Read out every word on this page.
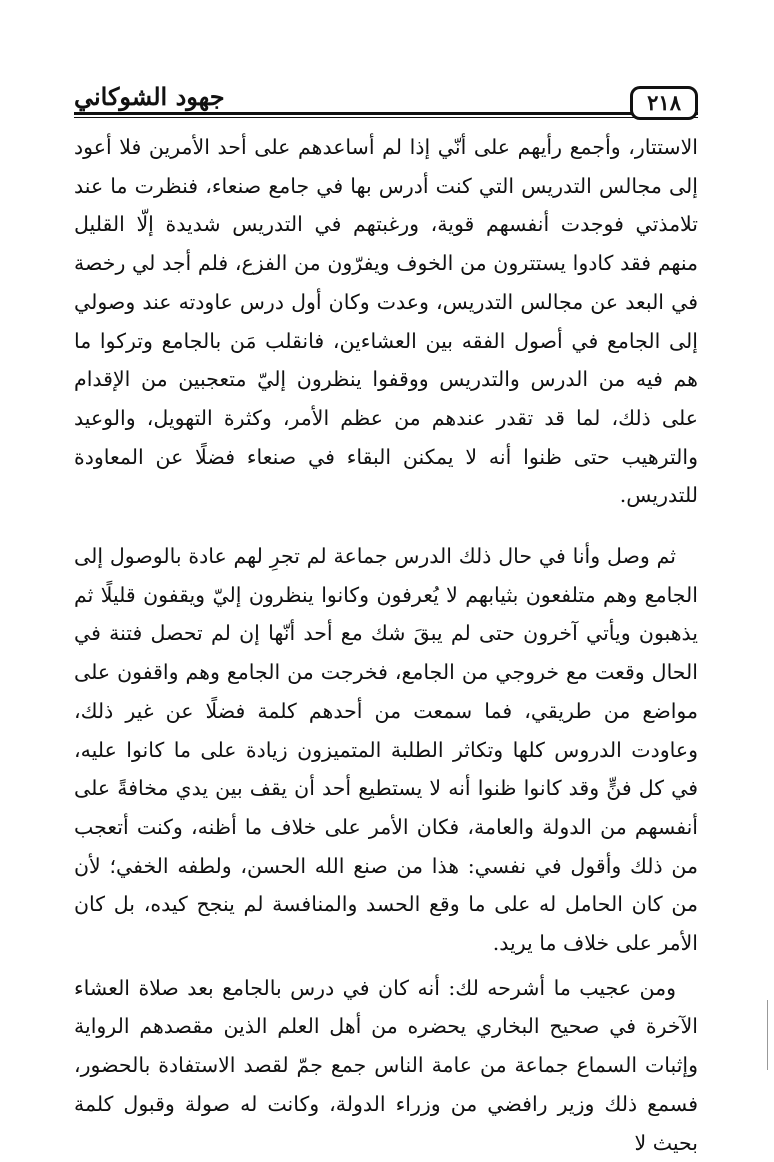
٢١٨
جهود الشوكاني

الاستتار، وأجمع رأيهم على أنّي إذا لم أساعدهم على أحد الأمرين فلا أعود إلى مجالس التدريس التي كنت أدرس بها في جامع صنعاء، فنظرت ما عند تلامذتي فوجدت أنفسهم قوية، ورغبتهم في التدريس شديدة إلّا القليل منهم فقد كادوا يستترون من الخوف ويفرّون من الفزع، فلم أجد لي رخصة في البعد عن مجالس التدريس، وعدت وكان أول درس عاودته عند وصولي إلى الجامع في أصول الفقه بين العشاءين، فانقلب مَن بالجامع وتركوا ما هم فيه من الدرس والتدريس ووقفوا ينظرون إليّ متعجبين من الإقدام على ذلك، لما قد تقدر عندهم من عظم الأمر، وكثرة التهويل، والوعيد والترهيب حتى ظنوا أنه لا يمكنن البقاء في صنعاء فضلًا عن المعاودة للتدريس.

ثم وصل وأنا في حال ذلك الدرس جماعة لم تجرِ لهم عادة بالوصول إلى الجامع وهم متلفعون بثيابهم لا يُعرفون وكانوا ينظرون إليّ ويقفون قليلًا ثم يذهبون ويأتي آخرون حتى لم يبقَ شك مع أحد أنّها إن لم تحصل فتنة في الحال وقعت مع خروجي من الجامع، فخرجت من الجامع وهم واقفون على مواضع من طريقي، فما سمعت من أحدهم كلمة فضلًا عن غير ذلك، وعاودت الدروس كلها وتكاثر الطلبة المتميزون زيادة على ما كانوا عليه، في كل فنٍّ وقد كانوا ظنوا أنه لا يستطيع أحد أن يقف بين يدي مخافةً على أنفسهم من الدولة والعامة، فكان الأمر على خلاف ما أظنه، وكنت أتعجب من ذلك وأقول في نفسي: هذا من صنع الله الحسن، ولطفه الخفي؛ لأن من كان الحامل له على ما وقع الحسد والمنافسة لم ينجح كيده، بل كان الأمر على خلاف ما يريد.

ومن عجيب ما أشرحه لك: أنه كان في درس بالجامع بعد صلاة العشاء الآخرة في صحيح البخاري يحضره من أهل العلم الذين مقصدهم الرواية وإثبات السماع جماعة من عامة الناس جمع جمّ لقصد الاستفادة بالحضور، فسمع ذلك وزير رافضي من وزراء الدولة، وكانت له صولة وقبول كلمة بحيث لا
